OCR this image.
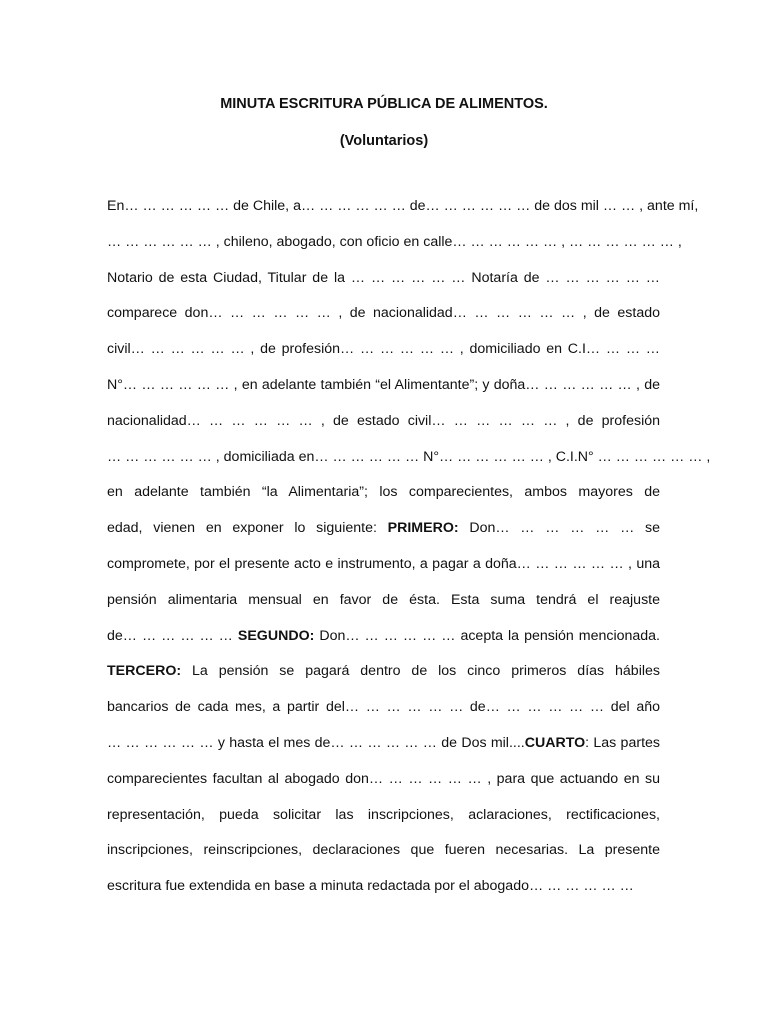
MINUTA ESCRITURA PÚBLICA DE ALIMENTOS.
(Voluntarios)
En… … … … … … de Chile, a… … … … … … de… … … … … … de dos mil … … , ante mí,
… … … … … … , chileno, abogado, con oficio en calle… … … … … … , … … … … … … ,
Notario de esta Ciudad, Titular de la … … … … … … Notaría de … … … … … …
comparece don… … … … … … , de nacionalidad… … … … … … , de estado
civil… … … … … … , de profesión… … … … … … , domiciliado en C.I… … … …
N°… … … … … … , en adelante también “el Alimentante”; y doña… … … … … … , de
nacionalidad… … … … … … , de estado civil… … … … … … , de profesión
… … … … … … , domiciliada en… … … … … … N°… … … … … … , C.I.N° … … … … … … ,
en adelante también “la Alimentaria”; los comparecientes, ambos mayores de
edad, vienen en exponer lo siguiente: PRIMERO: Don… … … … … … se
compromete, por el presente acto e instrumento, a pagar a doña… … … … … … , una
pensión alimentaria mensual en favor de ésta. Esta suma tendrá el reajuste
de… … … … … … SEGUNDO: Don… … … … … … acepta la pensión mencionada.
TERCERO: La pensión se pagará dentro de los cinco primeros días hábiles
bancarios de cada mes, a partir del… … … … … … de… … … … … … del año
… … … … … … y hasta el mes de… … … … … … de Dos mil....CUARTO: Las partes
comparecientes facultan al abogado don… … … … … … , para que actuando en su
representación, pueda solicitar las inscripciones, aclaraciones, rectificaciones,
inscripciones, reinscripciones, declaraciones que fueren necesarias. La presente
escritura fue extendida en base a minuta redactada por el abogado… … … … … …
